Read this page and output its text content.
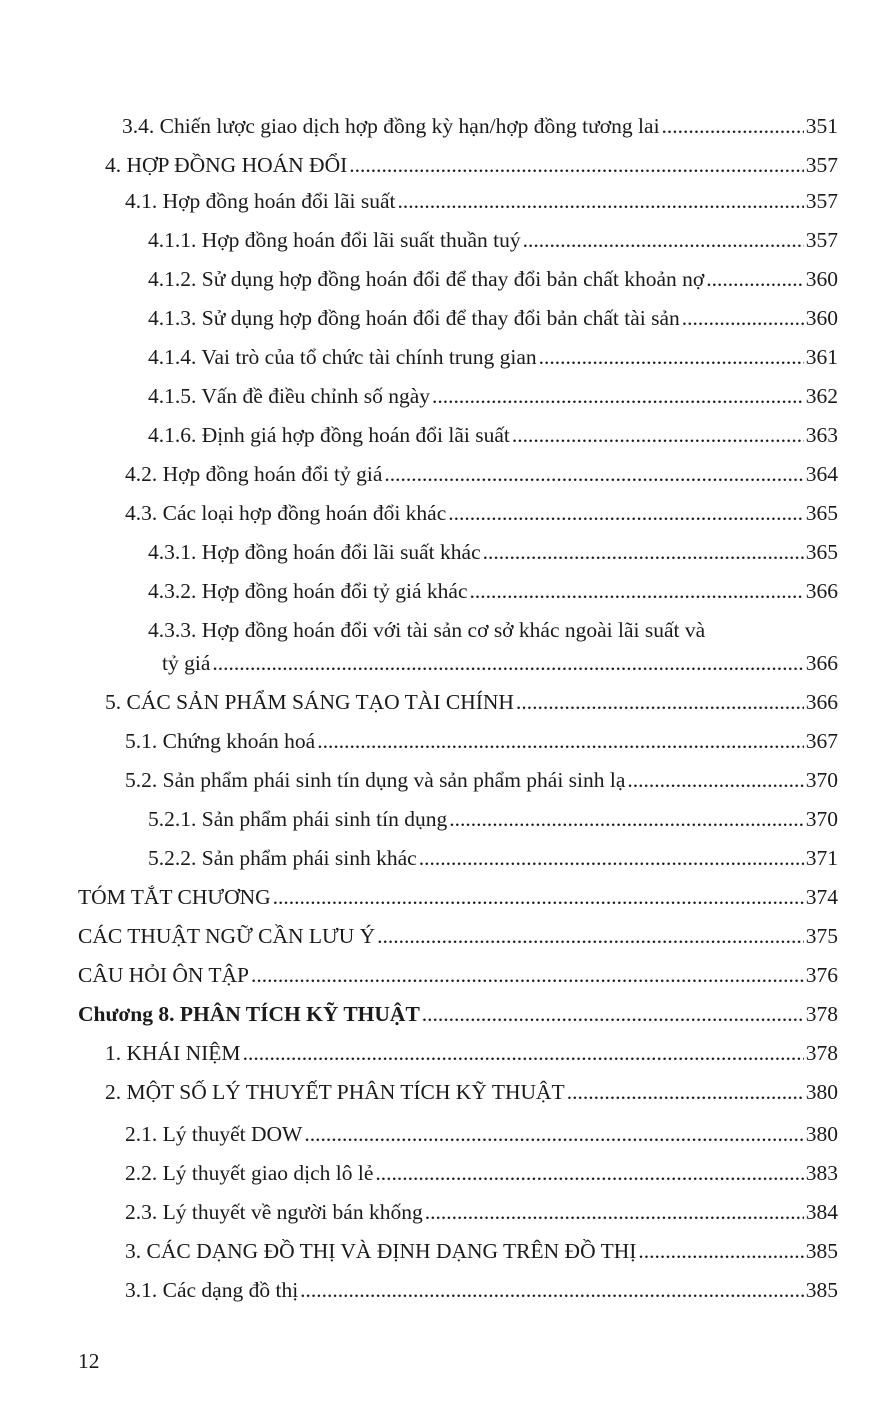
3.4. Chiến lược giao dịch hợp đồng kỳ hạn/hợp đồng tương lai .....	351
4. HỢP ĐỒNG HOÁN ĐỔI .....	357
4.1. Hợp đồng hoán đổi lãi suất .....	357
4.1.1. Hợp đồng hoán đổi lãi suất thuần tuý .....	357
4.1.2. Sử dụng hợp đồng hoán đổi để thay đổi bản chất khoản nợ .....	360
4.1.3. Sử dụng hợp đồng hoán đổi để thay đổi bản chất tài sản .....	360
4.1.4. Vai trò của tổ chức tài chính trung gian .....	361
4.1.5. Vấn đề điều chỉnh số ngày .....	362
4.1.6. Định giá hợp đồng hoán đổi lãi suất .....	363
4.2. Hợp đồng hoán đổi tỷ giá .....	364
4.3. Các loại hợp đồng hoán đổi khác .....	365
4.3.1. Hợp đồng hoán đổi lãi suất khác .....	365
4.3.2. Hợp đồng hoán đổi tỷ giá khác .....	366
4.3.3. Hợp đồng hoán đổi với tài sản cơ sở khác ngoài lãi suất và
tỷ giá .....	366
5. CÁC SẢN PHẨM SÁNG TẠO TÀI CHÍNH .....	366
5.1. Chứng khoán hoá .....	367
5.2. Sản phẩm phái sinh tín dụng và sản phẩm phái sinh lạ .....	370
5.2.1. Sản phẩm phái sinh tín dụng .....	370
5.2.2. Sản phẩm phái sinh khác .....	371
TÓM TẮT CHƯƠNG .....	374
CÁC THUẬT NGỮ CẦN LƯU Ý .....	375
CÂU HỎI ÔN TẬP .....	376
Chương 8. PHÂN TÍCH KỸ THUẬT .....	378
1. KHÁI NIỆM .....	378
2. MỘT SỐ LÝ THUYẾT PHÂN TÍCH KỸ THUẬT .....	380
2.1. Lý thuyết DOW .....	380
2.2. Lý thuyết giao dịch lô lẻ .....	383
2.3. Lý thuyết về người bán khống .....	384
3. CÁC DẠNG ĐỒ THỊ VÀ ĐỊNH DẠNG TRÊN ĐỒ THỊ .....	385
3.1. Các dạng đồ thị .....	385
12
